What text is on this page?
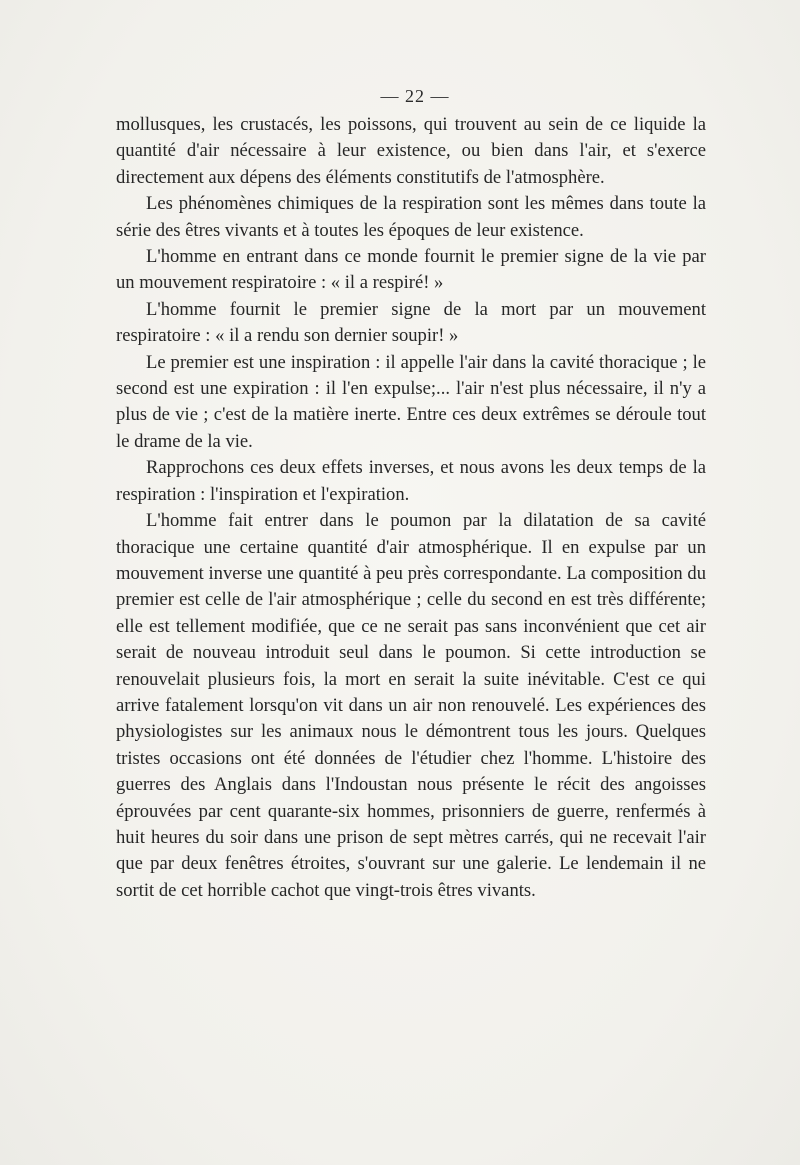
— 22 —

mollusques, les crustacés, les poissons, qui trouvent au sein de ce liquide la quantité d'air nécessaire à leur existence, ou bien dans l'air, et s'exerce directement aux dépens des éléments constitutifs de l'atmosphère.

Les phénomènes chimiques de la respiration sont les mêmes dans toute la série des êtres vivants et à toutes les époques de leur existence.

L'homme en entrant dans ce monde fournit le premier signe de la vie par un mouvement respiratoire : « il a respiré! »

L'homme fournit le premier signe de la mort par un mouvement respiratoire : « il a rendu son dernier soupir! »

Le premier est une inspiration : il appelle l'air dans la cavité thoracique ; le second est une expiration : il l'en expulse;... l'air n'est plus nécessaire, il n'y a plus de vie ; c'est de la matière inerte. Entre ces deux extrêmes se déroule tout le drame de la vie.

Rapprochons ces deux effets inverses, et nous avons les deux temps de la respiration : l'inspiration et l'expiration.

L'homme fait entrer dans le poumon par la dilatation de sa cavité thoracique une certaine quantité d'air atmosphérique. Il en expulse par un mouvement inverse une quantité à peu près correspondante. La composition du premier est celle de l'air atmosphérique ; celle du second en est très différente; elle est tellement modifiée, que ce ne serait pas sans inconvénient que cet air serait de nouveau introduit seul dans le poumon. Si cette introduction se renouvelait plusieurs fois, la mort en serait la suite inévitable. C'est ce qui arrive fatalement lorsqu'on vit dans un air non renouvelé. Les expériences des physiologistes sur les animaux nous le démontrent tous les jours. Quelques tristes occasions ont été données de l'étudier chez l'homme. L'histoire des guerres des Anglais dans l'Indoustan nous présente le récit des angoisses éprouvées par cent quarante-six hommes, prisonniers de guerre, renfermés à huit heures du soir dans une prison de sept mètres carrés, qui ne recevait l'air que par deux fenêtres étroites, s'ouvrant sur une galerie. Le lendemain il ne sortit de cet horrible cachot que vingt-trois êtres vivants.
